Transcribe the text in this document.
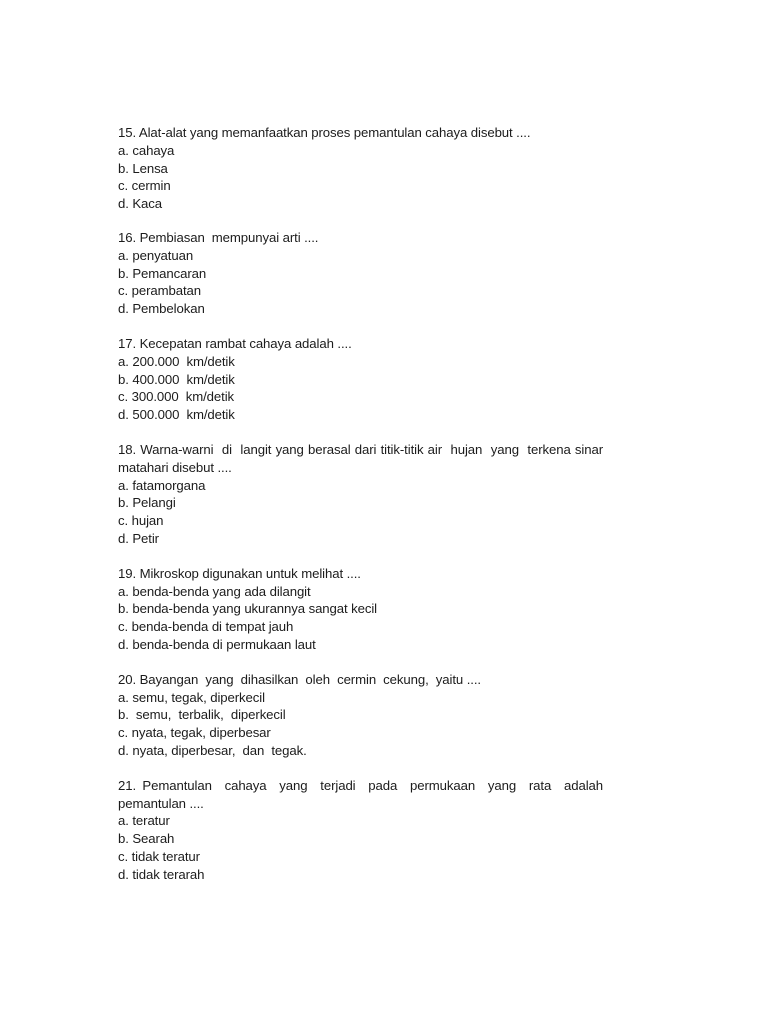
15. Alat-alat yang memanfaatkan proses pemantulan cahaya disebut ....
a. cahaya
b. Lensa
c. cermin
d. Kaca
16. Pembiasan  mempunyai arti ....
a. penyatuan
b. Pemancaran
c. perambatan
d. Pembelokan
17. Kecepatan rambat cahaya adalah ....
a. 200.000  km/detik
b. 400.000  km/detik
c. 300.000  km/detik
d. 500.000  km/detik
18. Warna-warni  di  langit yang berasal dari titik-titik air  hujan  yang  terkena sinar matahari disebut ....
a. fatamorgana
b. Pelangi
c. hujan
d. Petir
19. Mikroskop digunakan untuk melihat ....
a. benda-benda yang ada dilangit
b. benda-benda yang ukurannya sangat kecil
c. benda-benda di tempat jauh
d. benda-benda di permukaan laut
20. Bayangan  yang  dihasilkan  oleh  cermin  cekung,  yaitu ....
a. semu, tegak, diperkecil
b.  semu,  terbalik,  diperkecil
c. nyata, tegak, diperbesar
d. nyata, diperbesar,  dan  tegak.
21. Pemantulan  cahaya  yang  terjadi  pada  permukaan  yang  rata  adalah pemantulan ....
a. teratur
b. Searah
c. tidak teratur
d. tidak terarah
